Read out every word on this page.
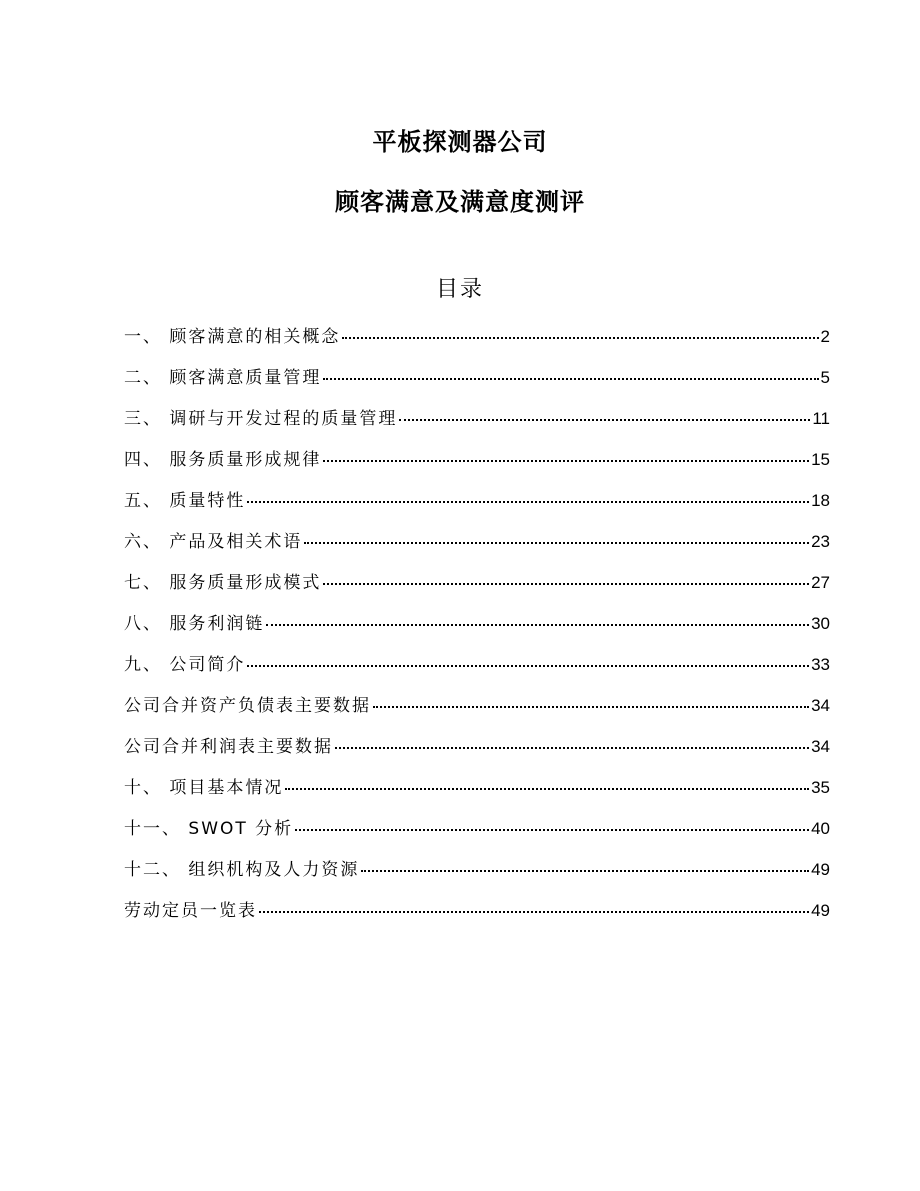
平板探测器公司
顾客满意及满意度测评
目录
一、 顾客满意的相关概念	2
二、 顾客满意质量管理	5
三、 调研与开发过程的质量管理	11
四、 服务质量形成规律	15
五、 质量特性	18
六、 产品及相关术语	23
七、 服务质量形成模式	27
八、 服务利润链	30
九、 公司简介	33
公司合并资产负债表主要数据	34
公司合并利润表主要数据	34
十、 项目基本情况	35
十一、 SWOT 分析	40
十二、 组织机构及人力资源	49
劳动定员一览表	49
